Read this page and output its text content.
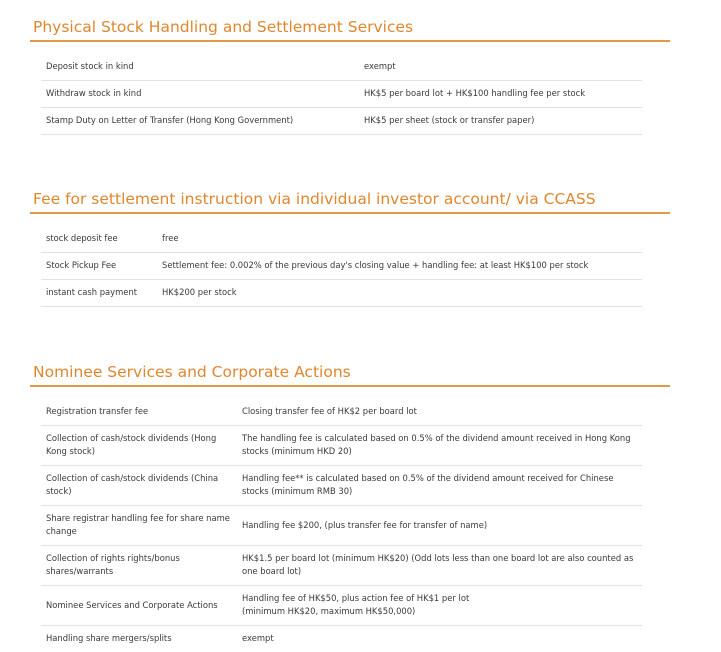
Physical Stock Handling and Settlement Services
Deposit stock in kind	exempt
Withdraw stock in kind	HK$5 per board lot + HK$100 handling fee per stock
Stamp Duty on Letter of Transfer (Hong Kong Government)	HK$5 per sheet (stock or transfer paper)
Fee for settlement instruction via individual investor account/ via CCASS
stock deposit fee	free
Stock Pickup Fee	Settlement fee: 0.002% of the previous day's closing value + handling fee: at least HK$100 per stock
instant cash payment	HK$200 per stock
Nominee Services and Corporate Actions
Registration transfer fee	Closing transfer fee of HK$2 per board lot
Collection of cash/stock dividends (Hong Kong stock)	The handling fee is calculated based on 0.5% of the dividend amount received in Hong Kong stocks (minimum HKD 20)
Collection of cash/stock dividends (China stock)	Handling fee** is calculated based on 0.5% of the dividend amount received for Chinese stocks (minimum RMB 30)
Share registrar handling fee for share name change	Handling fee $200, (plus transfer fee for transfer of name)
Collection of rights rights/bonus shares/warrants	HK$1.5 per board lot (minimum HK$20) (Odd lots less than one board lot are also counted as one board lot)
Nominee Services and Corporate Actions	Handling fee of HK$50, plus action fee of HK$1 per lot
(minimum HK$20, maximum HK$50,000)
Handling share mergers/splits	exempt
